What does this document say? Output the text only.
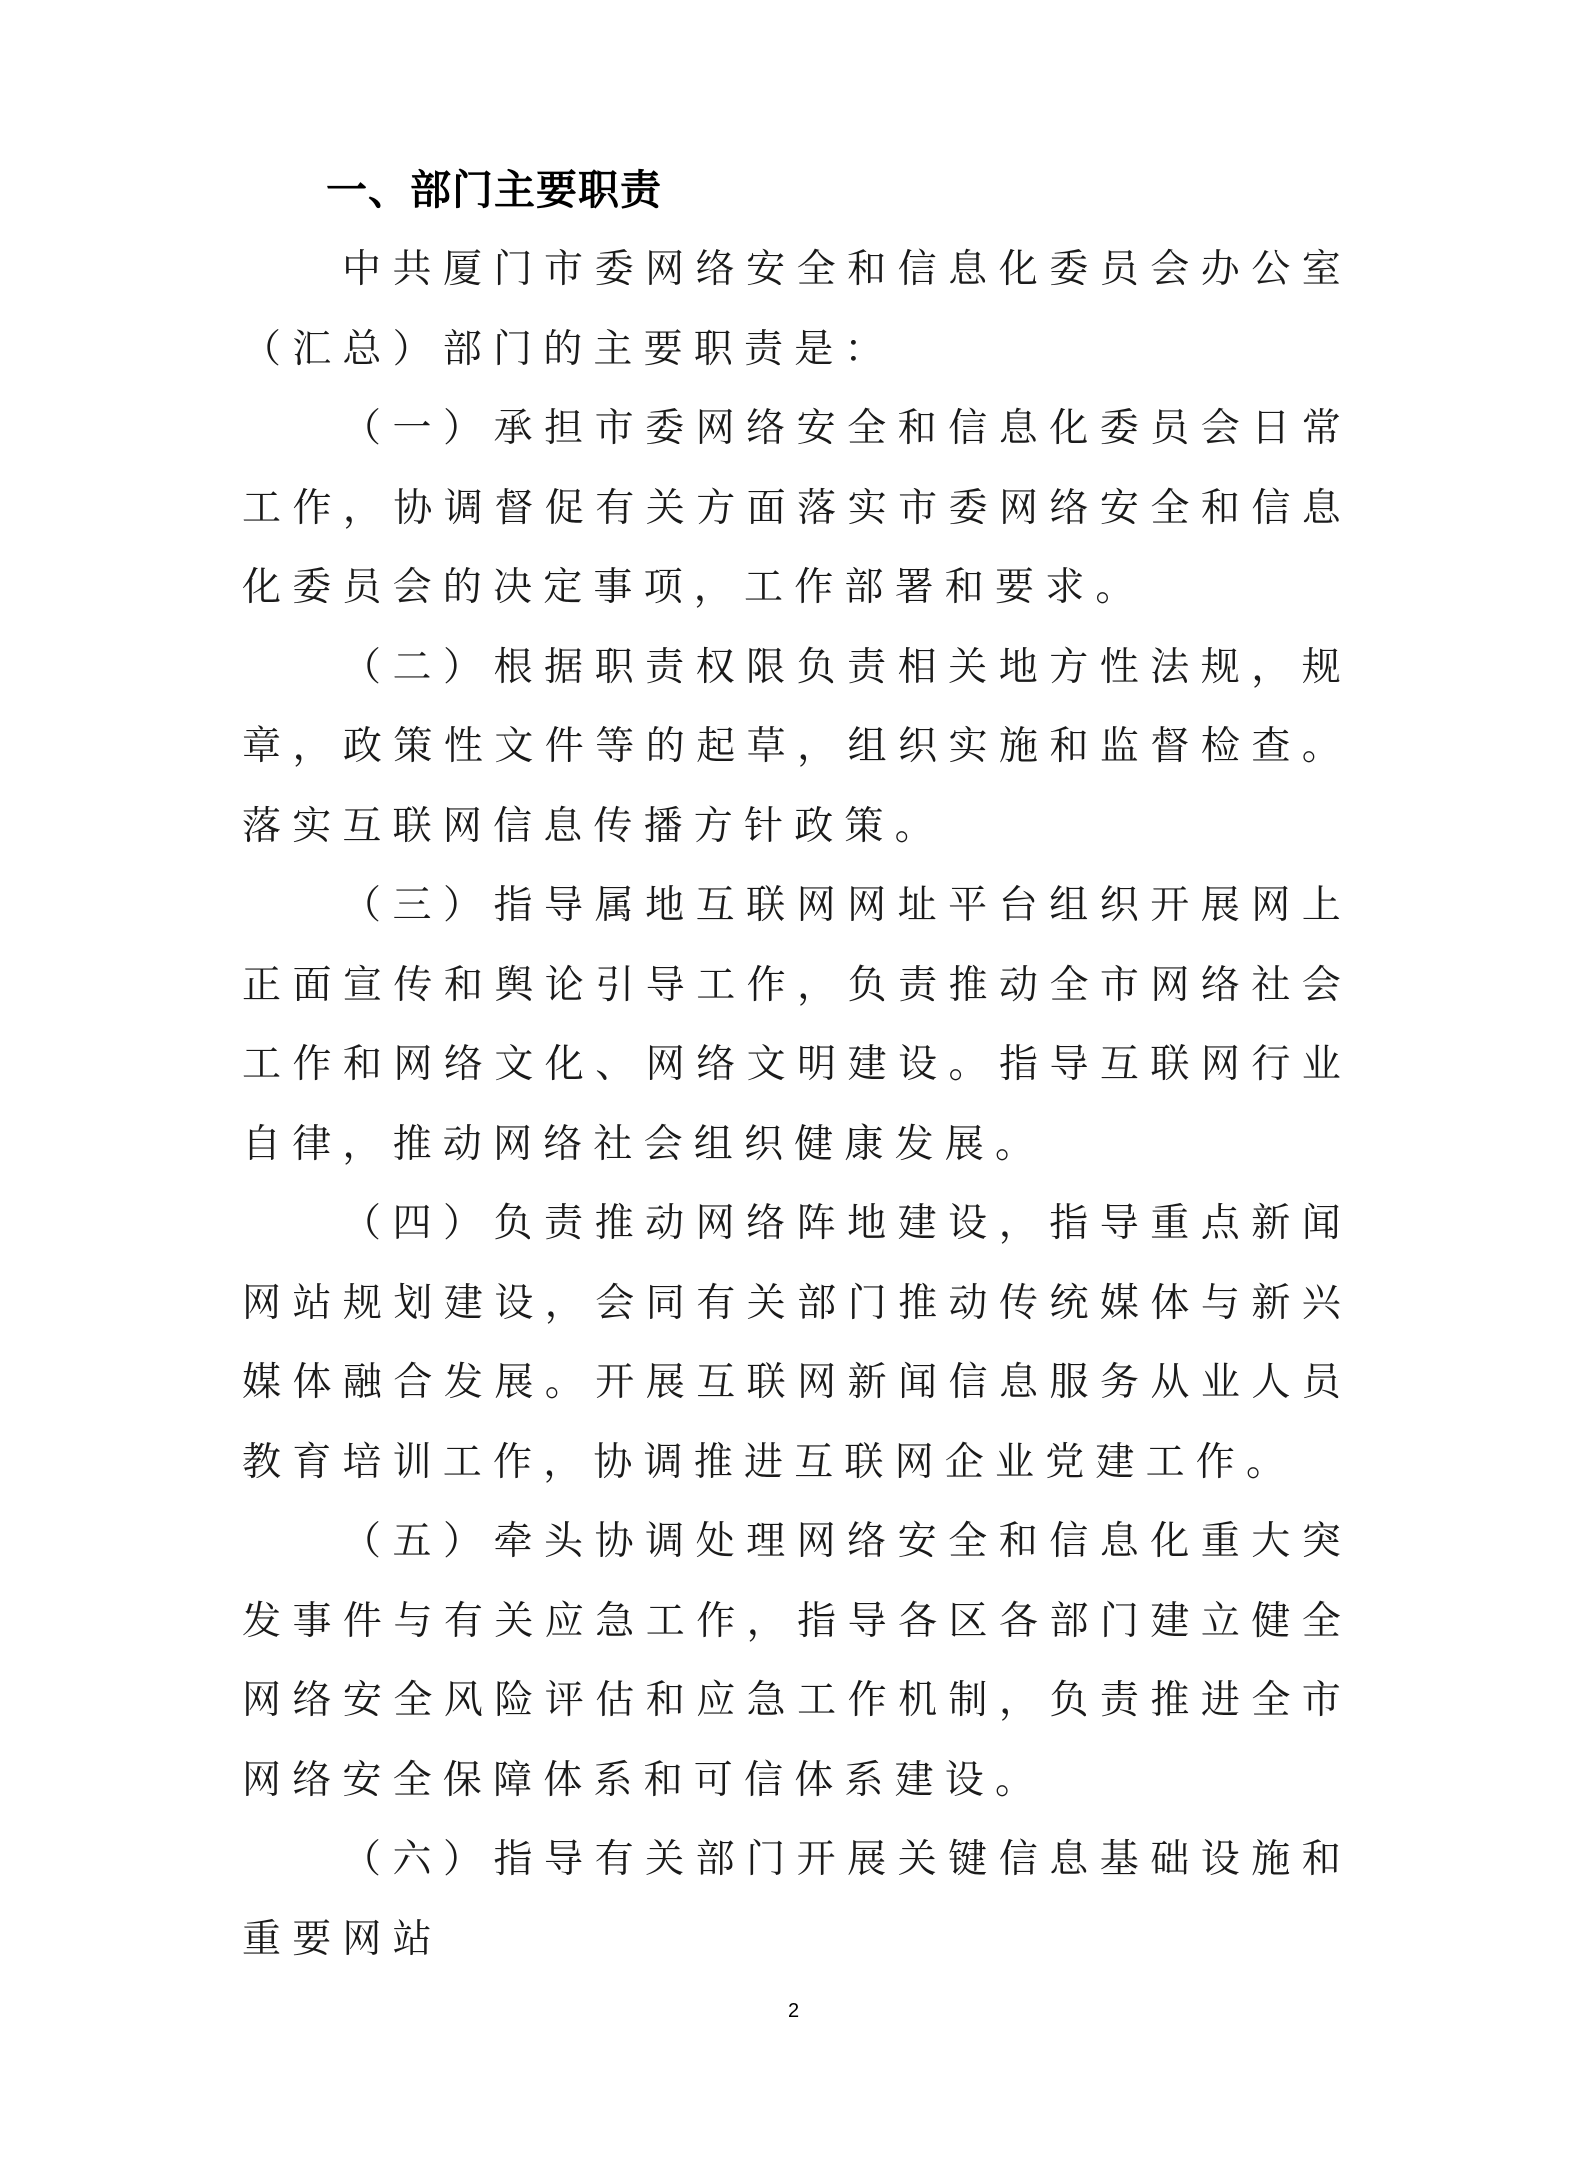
一、部门主要职责

中共厦门市委网络安全和信息化委员会办公室（汇总）部门的主要职责是：

（一）承担市委网络安全和信息化委员会日常工作，协调督促有关方面落实市委网络安全和信息化委员会的决定事项，工作部署和要求。

（二）根据职责权限负责相关地方性法规，规章，政策性文件等的起草，组织实施和监督检查。落实互联网信息传播方针政策。

（三）指导属地互联网网址平台组织开展网上正面宣传和舆论引导工作，负责推动全市网络社会工作和网络文化、网络文明建设。指导互联网行业自律，推动网络社会组织健康发展。

（四）负责推动网络阵地建设，指导重点新闻网站规划建设，会同有关部门推动传统媒体与新兴媒体融合发展。开展互联网新闻信息服务从业人员教育培训工作，协调推进互联网企业党建工作。

（五）牵头协调处理网络安全和信息化重大突发事件与有关应急工作，指导各区各部门建立健全网络安全风险评估和应急工作机制，负责推进全市网络安全保障体系和可信体系建设。

（六）指导有关部门开展关键信息基础设施和重要网站

2
